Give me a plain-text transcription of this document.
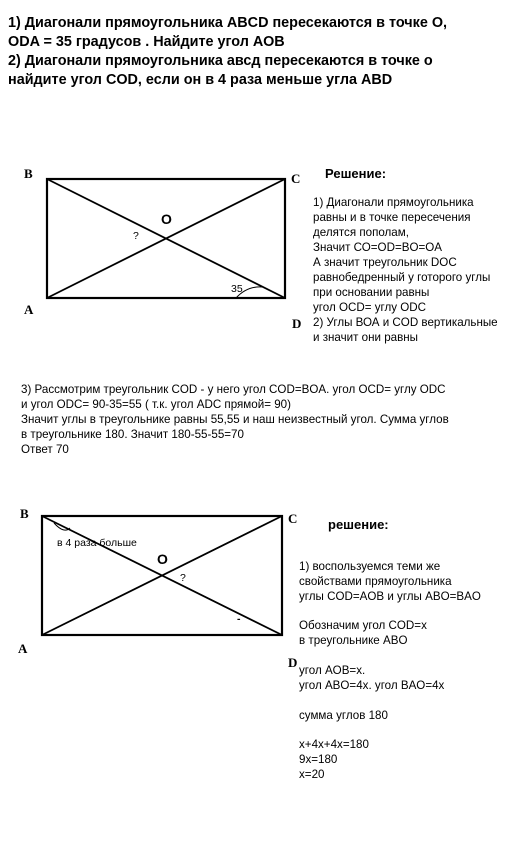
1) Диагонали прямоугольника ABCD пересекаются в точке О,
ODA = 35 градусов . Найдите угол АОВ
2) Диагонали прямоугольника авсд пересекаются в точке о
найдите угол COD, если он в 4 раза меньше угла ABD
B	C
A
D
O
?
35
Решение:
1) Диагонали прямоугольника
равны и в точке пересечения
делятся пополам,
Значит СО=OD=BO=OA
А значит треугольник DOC
равнобедренный у готорого углы
при основании равны
угол OCD= углу ODC
2) Углы ВОА и COD вертикальные
и значит они равны
3) Рассмотрим треугольник COD - у него угол COD=BOA. угол OCD= углу ODC
и угол ODC= 90-35=55 ( т.к. угол ADC прямой= 90)
Значит углы в треугольнике равны 55,55 и наш неизвестный угол. Сумма углов
в треугольнике 180. Значит 180-55-55=70
Ответ 70
B	C
A
D
O
?
в 4 раза больше
-
решение:
1) воспользуемся теми же
свойствами прямоугольника
углы COD=AOB и углы ABO=BAO
Обозначим угол COD=x
в треугольнике ABO
угол AOB=x.
угол ABO=4x. угол BAO=4x
сумма углов 180
x+4x+4x=180
9x=180
x=20
